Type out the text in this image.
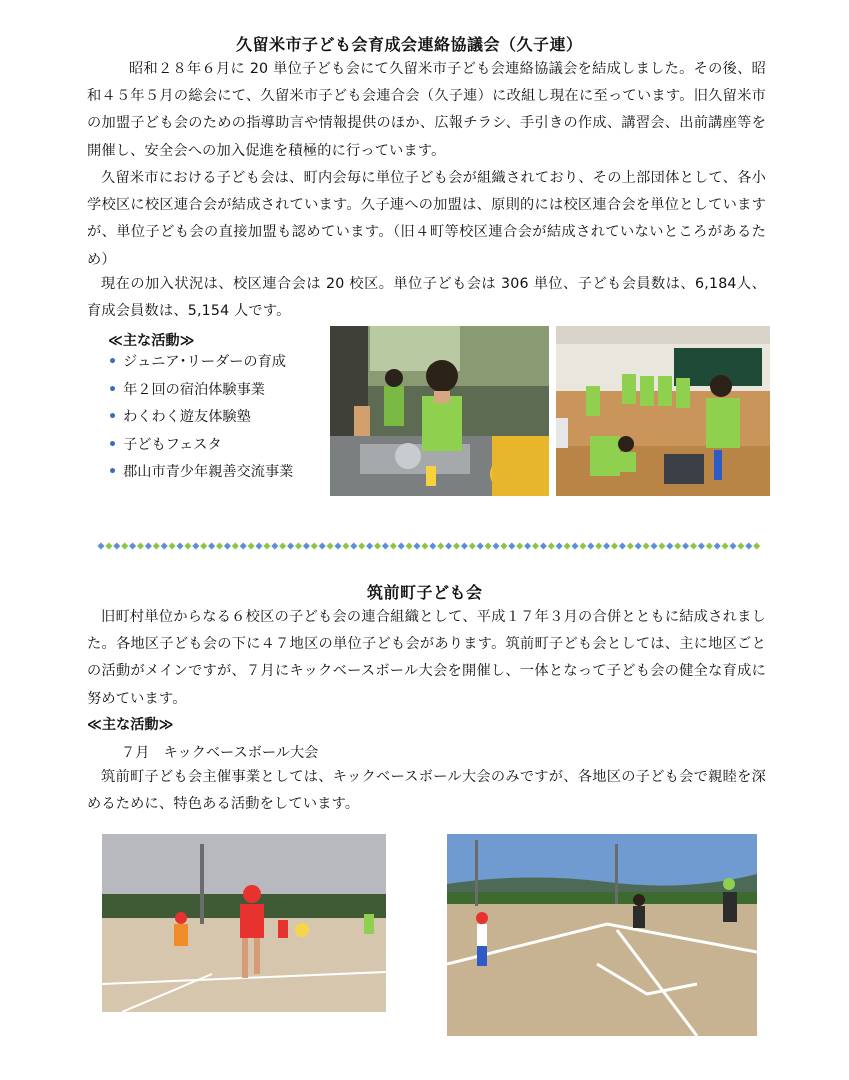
久留米市子ども会育成会連絡協議会（久子連）

昭和２８年６月に 20 単位子ども会にて久留米市子ども会連絡協議会を結成しました。その後、昭和４５年５月の総会にて、久留米市子ども会連合会（久子連）に改組し現在に至っています。旧久留米市の加盟子ども会のための指導助言や情報提供のほか、広報チラシ、手引きの作成、講習会、出前講座等を開催し、安全会への加入促進を積極的に行っています。

久留米市における子ども会は、町内会毎に単位子ども会が組織されており、その上部団体として、各小学校区に校区連合会が結成されています。久子連への加盟は、原則的には校区連合会を単位としていますが、単位子ども会の直接加盟も認めています。（旧４町等校区連合会が結成されていないところがあるため）

現在の加入状況は、校区連合会は 20 校区。単位子ども会は 306 単位、子ども会員数は、6,184人、育成会員数は、5,154 人です。

≪主な活動≫
• ジュニア･リーダーの育成
• 年２回の宿泊体験事業
• わくわく遊友体験塾
• 子どもフェスタ
• 郡山市青少年親善交流事業
筑前町子ども会

旧町村単位からなる６校区の子ども会の連合組織として、平成１７年３月の合併とともに結成されました。各地区子ども会の下に４７地区の単位子ども会があります。筑前町子ども会としては、主に地区ごとの活動がメインですが、７月にキックベースボール大会を開催し、一体となって子ども会の健全な育成に努めています。

≪主な活動≫
７月　キックベースボール大会

筑前町子ども会主催事業としては、キックベースボール大会のみですが、各地区の子ども会で親睦を深めるために、特色ある活動をしています。
